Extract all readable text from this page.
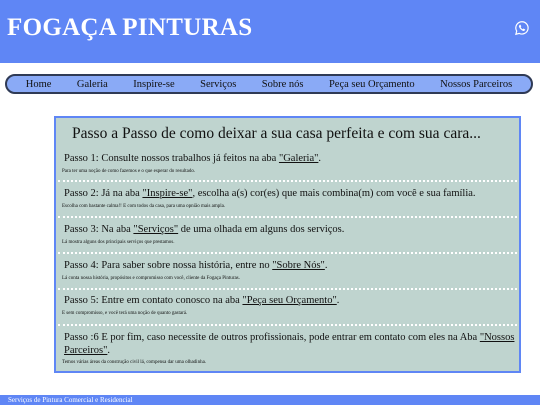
FOGAÇA PINTURAS
Home Galeria Inspire-se Serviços Sobre nós Peça seu Orçamento Nossos Parceiros
Passo a Passo de como deixar a sua casa perfeita e com sua cara...
Passo 1: Consulte nossos trabalhos já feitos na aba "Galeria".
Para ter uma noção de como fazemos e o que esperar do resultado.
Passo 2: Já na aba "Inspire-se", escolha a(s) cor(es) que mais combina(m) com você e sua família.
Escolha com bastante calma!! E com todos da casa, para uma opnião mais ampla.
Passo 3: Na aba "Serviços" de uma olhada em alguns dos serviços.
Lá mostra alguns dos principais serviços que prestamos.
Passo 4: Para saber sobre nossa história, entre no "Sobre Nós".
Lá conta nossa história, propósitos e compromisso com você, cliente da Fogaça Pinturas.
Passo 5: Entre em contato conosco na aba "Peça seu Orçamento".
E sem compromisso, e você terá uma noção de quanto gastará.
Passo :6 E por fim, caso necessite de outros profissionais, pode entrar em contato com eles na Aba "Nossos Parceiros".
Temos várias áreas da construção civil lá, compensa dar uma olhadinha.
Serviços de Pintura Comercial e Residencial
